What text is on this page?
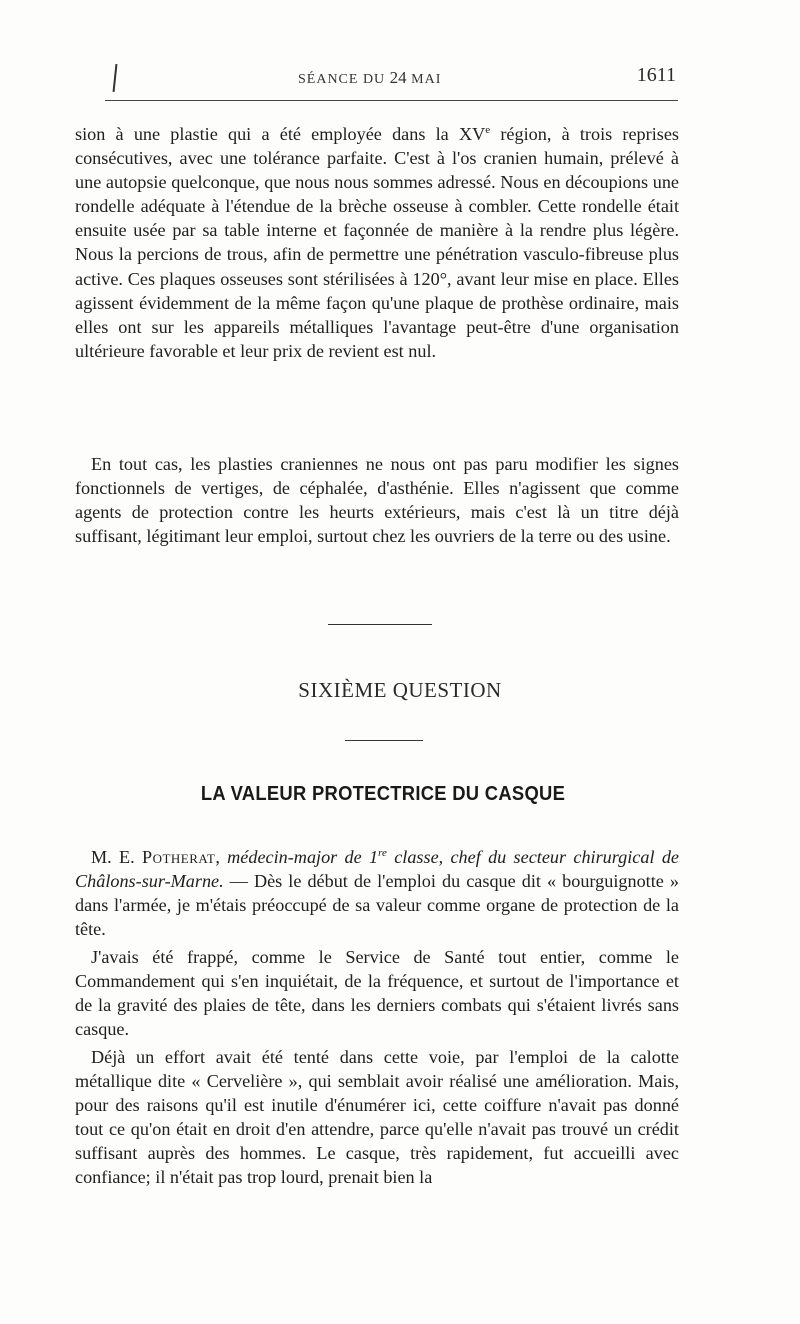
SÉANCE DU 24 MAI	1611

sion à une plastie qui a été employée dans la XVe région, à trois reprises consécutives, avec une tolérance parfaite. C'est à l'os cranien humain, prélevé à une autopsie quelconque, que nous nous sommes adressé. Nous en découpions une rondelle adéquate à l'étendue de la brèche osseuse à combler. Cette rondelle était ensuite usée par sa table interne et façonnée de manière à la rendre plus légère. Nous la percions de trous, afin de permettre une pénétration vasculo-fibreuse plus active. Ces plaques osseuses sont stérilisées à 120°, avant leur mise en place. Elles agissent évidemment de la même façon qu'une plaque de prothèse ordinaire, mais elles ont sur les appareils métalliques l'avantage peut-être d'une organisation ultérieure favorable et leur prix de revient est nul.

En tout cas, les plasties craniennes ne nous ont pas paru modifier les signes fonctionnels de vertiges, de céphalée, d'asthénie. Elles n'agissent que comme agents de protection contre les heurts extérieurs, mais c'est là un titre déjà suffisant, légitimant leur emploi, surtout chez les ouvriers de la terre ou des usine.

SIXIÈME QUESTION
LA VALEUR PROTECTRICE DU CASQUE

M. E. Potherat, médecin-major de 1re classe, chef du secteur chirurgical de Châlons-sur-Marne. — Dès le début de l'emploi du casque dit « bourguignotte » dans l'armée, je m'étais préoccupé de sa valeur comme organe de protection de la tête.

J'avais été frappé, comme le Service de Santé tout entier, comme le Commandement qui s'en inquiétait, de la fréquence, et surtout de l'importance et de la gravité des plaies de tête, dans les derniers combats qui s'étaient livrés sans casque.

Déjà un effort avait été tenté dans cette voie, par l'emploi de la calotte métallique dite « Cervelière », qui semblait avoir réalisé une amélioration. Mais, pour des raisons qu'il est inutile d'énumérer ici, cette coiffure n'avait pas donné tout ce qu'on était en droit d'en attendre, parce qu'elle n'avait pas trouvé un crédit suffisant auprès des hommes. Le casque, très rapidement, fut accueilli avec confiance; il n'était pas trop lourd, prenait bien la
